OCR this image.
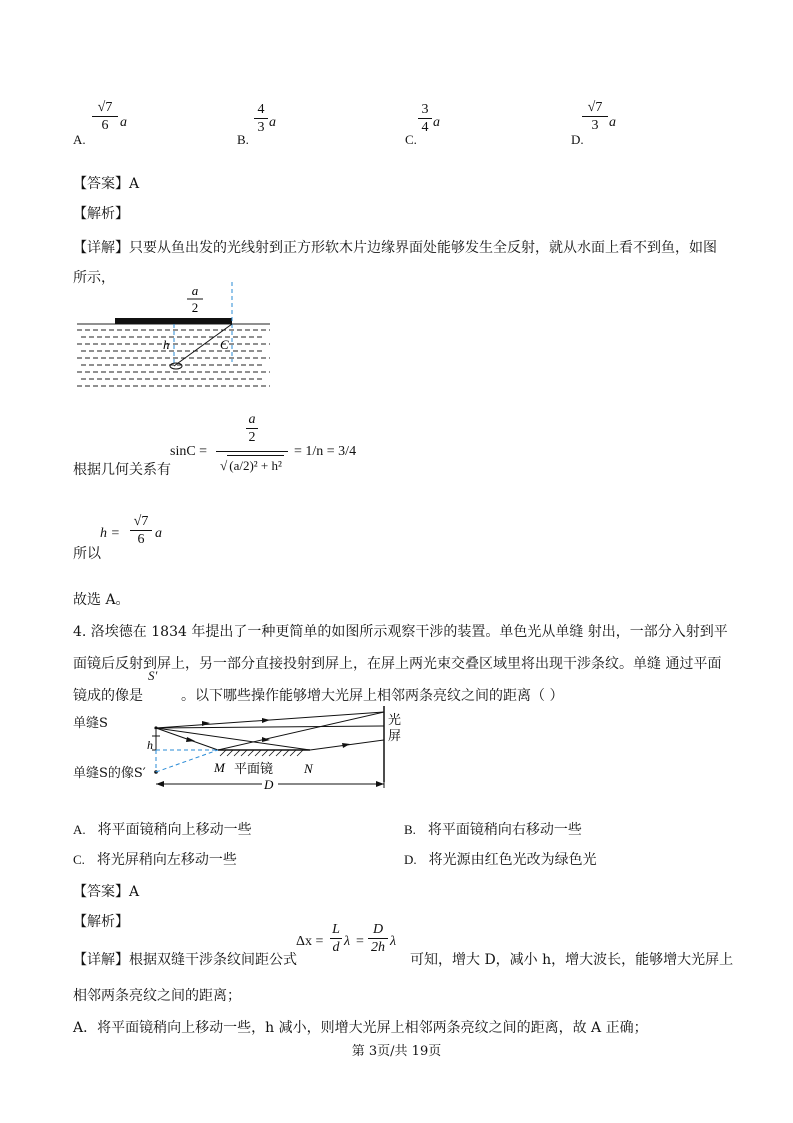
A.
√7
6 a
B.
4
3 a
C.
3
4 a
D.
√7
3 a
【答案】A
【解析】
【详解】只要从鱼出发的光线射到正方形软木片边缘界面处能够发生全反射，就从水面上看不到鱼，如图
所示，
a
2
h	C
根据几何关系有
sinC =
a
2
√ (a/2)² + h²
= 1/n = 3/4
所以
h =
√7
6 a
故选 A。
4. 洛埃德在 1834 年提出了一种更简单的如图所示观察干涉的装置。单色光从单缝 射出，一部分入射到平
面镜后反射到屏上，另一部分直接投射到屏上，在屏上两光束交叠区域里将出现干涉条纹。单缝 通过平面
S′
镜成的像是	。以下哪些操作能够增大光屏上相邻两条亮纹之间的距离（ ）
光
屏
h
M 平面镜 N
D
单缝S
单缝S的像S′
A. 将平面镜稍向上移动一些	B. 将平面镜稍向右移动一些
C. 将光屏稍向左移动一些	D. 将光源由红色光改为绿色光
【答案】A
【解析】
【详解】根据双缝干涉条纹间距公式
Δx =
L
d λ =
D
2h λ
可知，增大 D，减小 h，增大波长，能够增大光屏上
相邻两条亮纹之间的距离；
A．将平面镜稍向上移动一些，h 减小，则增大光屏上相邻两条亮纹之间的距离，故 A 正确；
第 3页/共 19页
